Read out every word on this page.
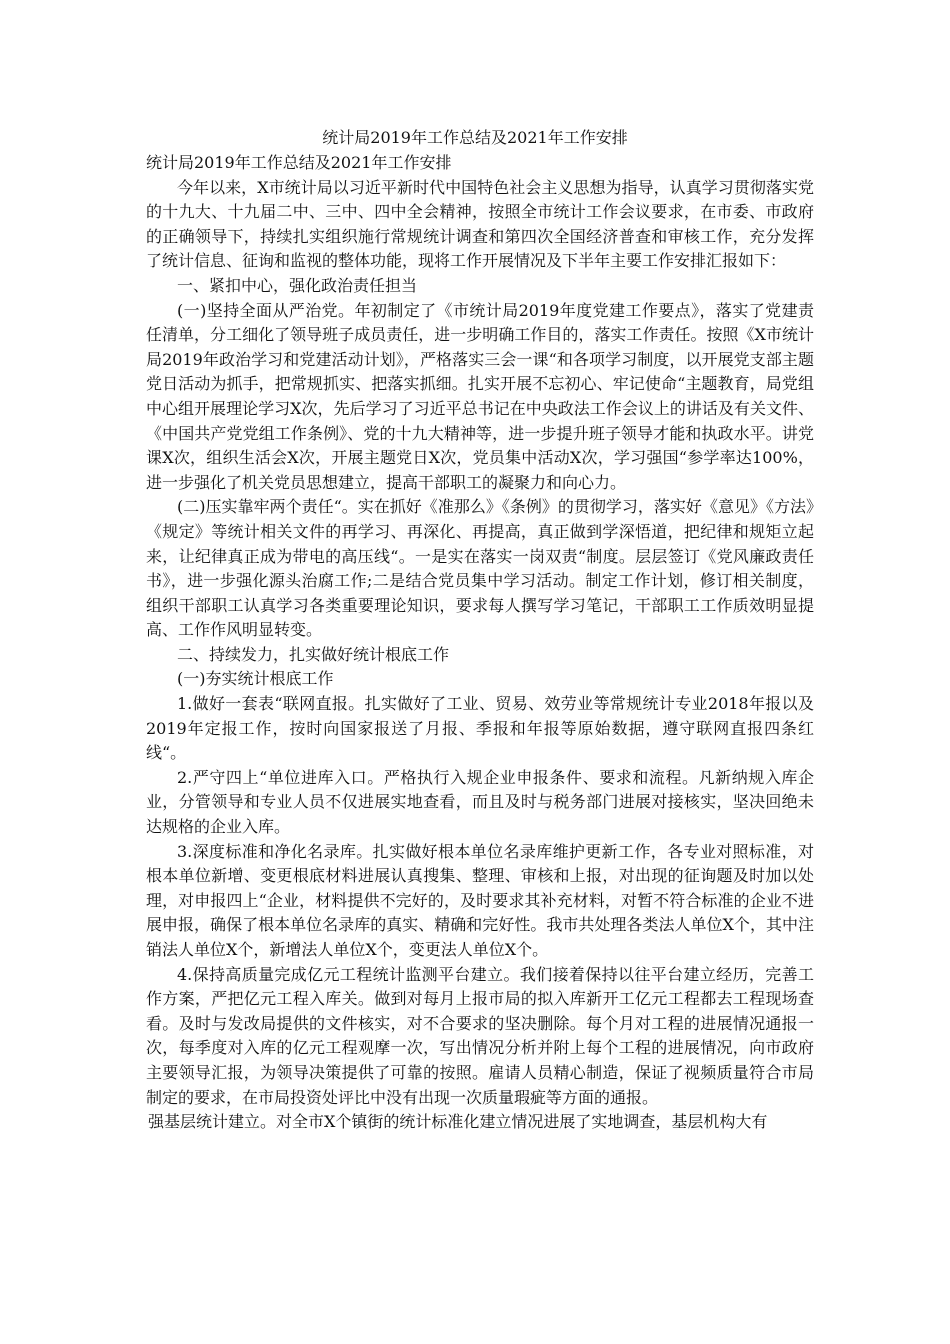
统计局2019年工作总结及2021年工作安排

统计局2019年工作总结及2021年工作安排

今年以来，X市统计局以习近平新时代中国特色社会主义思想为指导，认真学习贯彻落实党的十九大、十九届二中、三中、四中全会精神，按照全市统计工作会议要求，在市委、市政府的正确领导下，持续扎实组织施行常规统计调查和第四次全国经济普查和审核工作，充分发挥了统计信息、征询和监视的整体功能，现将工作开展情况及下半年主要工作安排汇报如下：

一、紧扣中心，强化政治责任担当

(一)坚持全面从严治党。年初制定了《市统计局2019年度党建工作要点》，落实了党建责任清单，分工细化了领导班子成员责任，进一步明确工作目的，落实工作责任。按照《X市统计局2019年政治学习和党建活动计划》，严格落实三会一课“和各项学习制度，以开展党支部主题党日活动为抓手，把常规抓实、把落实抓细。扎实开展不忘初心、牢记使命“主题教育，局党组中心组开展理论学习X次，先后学习了习近平总书记在中央政法工作会议上的讲话及有关文件、《中国共产党党组工作条例》、党的十九大精神等，进一步提升班子领导才能和执政水平。讲党课X次，组织生活会X次，开展主题党日X次，党员集中活动X次，学习强国“参学率达100%，进一步强化了机关党员思想建立，提高干部职工的凝聚力和向心力。

(二)压实靠牢两个责任“。实在抓好《准那么》《条例》的贯彻学习，落实好《意见》《方法》《规定》等统计相关文件的再学习、再深化、再提高，真正做到学深悟道，把纪律和规矩立起来，让纪律真正成为带电的高压线“。一是实在落实一岗双责“制度。层层签订《党风廉政责任书》，进一步强化源头治腐工作;二是结合党员集中学习活动。制定工作计划，修订相关制度，组织干部职工认真学习各类重要理论知识，要求每人撰写学习笔记，干部职工工作质效明显提高、工作作风明显转变。

二、持续发力，扎实做好统计根底工作

(一)夯实统计根底工作

1.做好一套表“联网直报。扎实做好了工业、贸易、效劳业等常规统计专业2018年报以及2019年定报工作，按时向国家报送了月报、季报和年报等原始数据，遵守联网直报四条红线“。

2.严守四上“单位进库入口。严格执行入规企业申报条件、要求和流程。凡新纳规入库企业，分管领导和专业人员不仅进展实地查看，而且及时与税务部门进展对接核实，坚决回绝未达规格的企业入库。

3.深度标准和净化名录库。扎实做好根本单位名录库维护更新工作，各专业对照标准，对根本单位新增、变更根底材料进展认真搜集、整理、审核和上报，对出现的征询题及时加以处理，对申报四上“企业，材料提供不完好的，及时要求其补充材料，对暂不符合标准的企业不进展申报，确保了根本单位名录库的真实、精确和完好性。我市共处理各类法人单位X个，其中注销法人单位X个，新增法人单位X个，变更法人单位X个。

4.保持高质量完成亿元工程统计监测平台建立。我们接着保持以往平台建立经历，完善工作方案，严把亿元工程入库关。做到对每月上报市局的拟入库新开工亿元工程都去工程现场查看。及时与发改局提供的文件核实，对不合要求的坚决删除。每个月对工程的进展情况通报一次，每季度对入库的亿元工程观摩一次，写出情况分析并附上每个工程的进展情况，向市政府主要领导汇报，为领导决策提供了可靠的按照。雇请人员精心制造，保证了视频质量符合市局制定的要求，在市局投资处评比中没有出现一次质量瑕疵等方面的通报。

强基层统计建立。对全市X个镇街的统计标准化建立情况进展了实地调查，基层机构大有
